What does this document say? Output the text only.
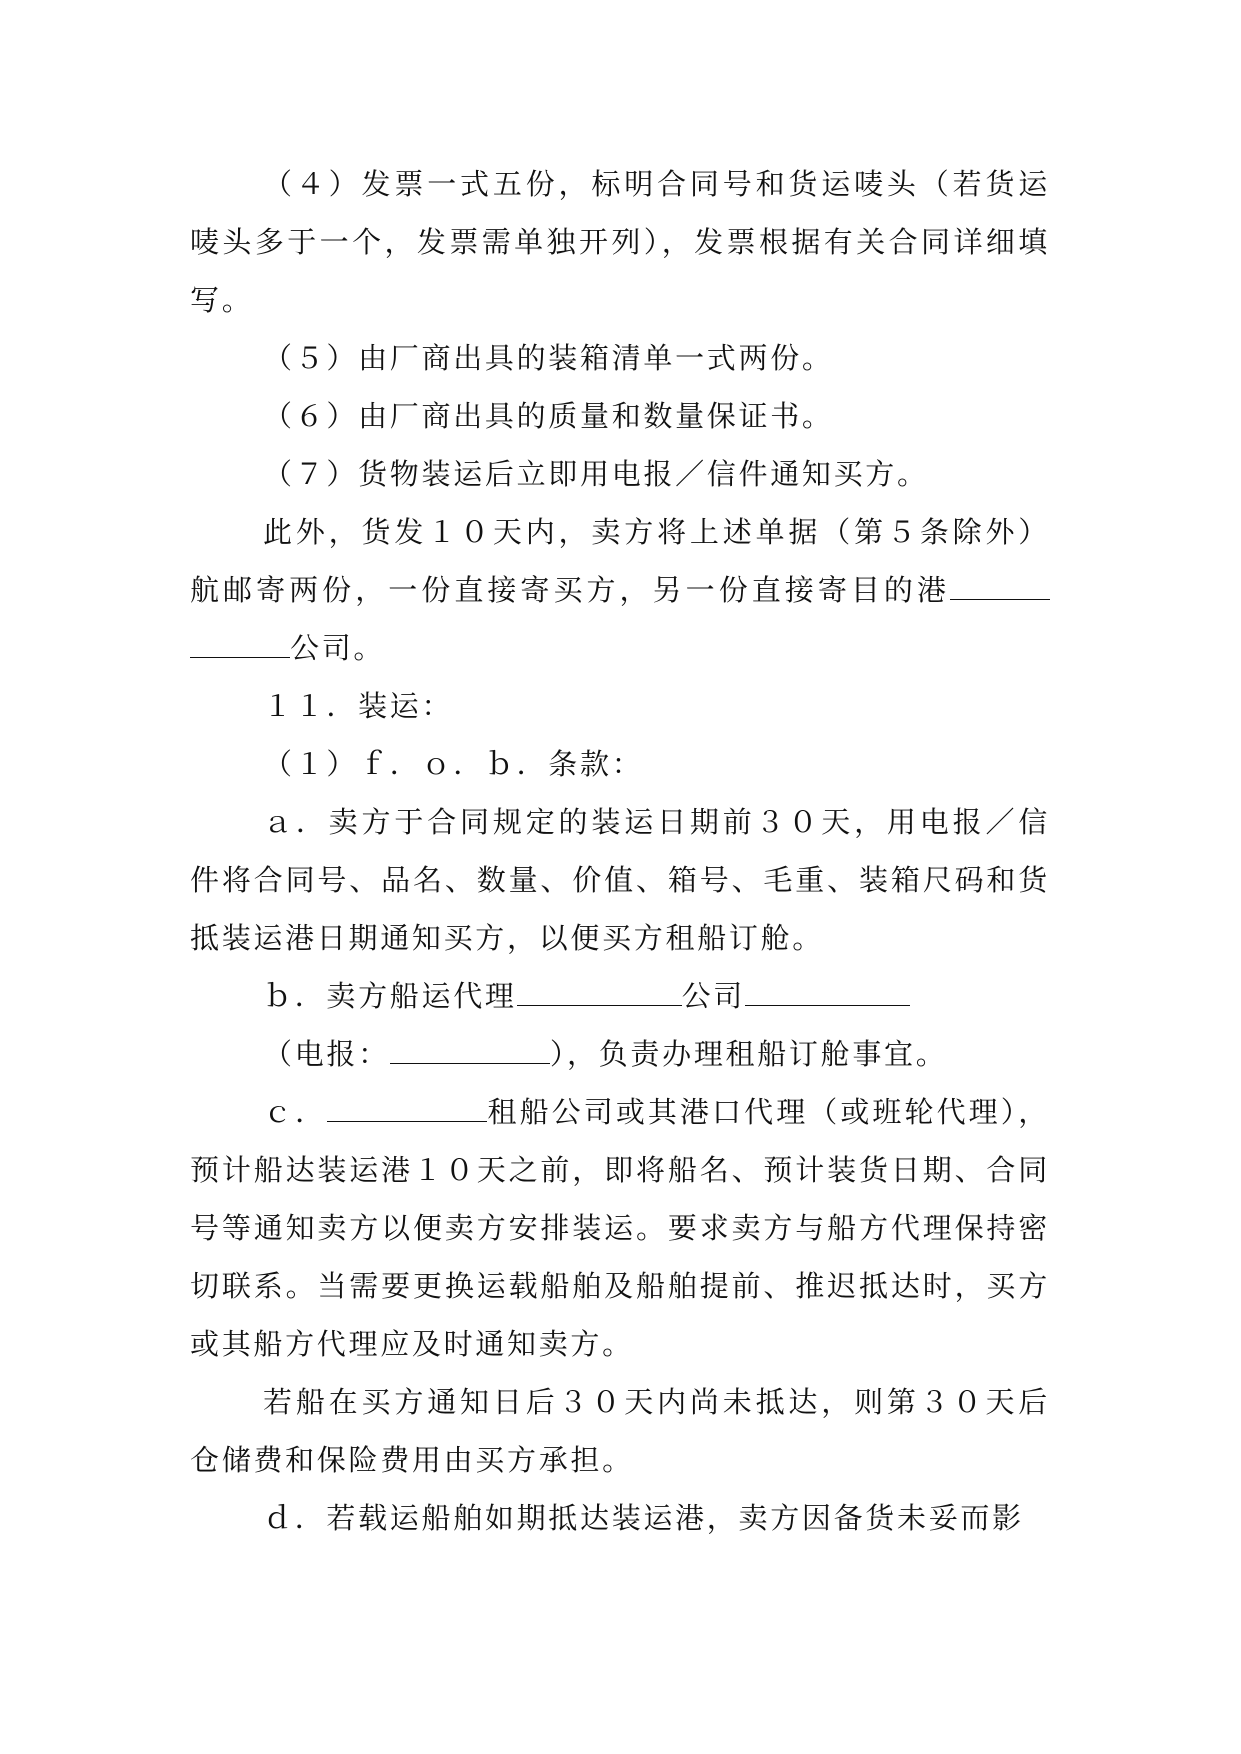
（４）发票一式五份，标明合同号和货运唛头（若货运唛头多于一个，发票需单独开列），发票根据有关合同详细填写。

（５）由厂商出具的装箱清单一式两份。

（６）由厂商出具的质量和数量保证书。

（７）货物装运后立即用电报／信件通知买方。

此外，货发１０天内，卖方将上述单据（第５条除外）航邮寄两份，一份直接寄买方，另一份直接寄目的港公司。

１１．装运：

（１）ｆ．ｏ．ｂ．条款：

ａ．卖方于合同规定的装运日期前３０天，用电报／信件将合同号、品名、数量、价值、箱号、毛重、装箱尺码和货抵装运港日期通知买方，以便买方租船订舱。

ｂ．卖方船运代理	公司

（电报：	），负责办理租船订舱事宜。

ｃ．	租船公司或其港口代理（或班轮代理），预计船达装运港１０天之前，即将船名、预计装货日期、合同号等通知卖方以便卖方安排装运。要求卖方与船方代理保持密切联系。当需要更换运载船舶及船舶提前、推迟抵达时，买方或其船方代理应及时通知卖方。

若船在买方通知日后３０天内尚未抵达，则第３０天后仓储费和保险费用由买方承担。

ｄ．若载运船舶如期抵达装运港，卖方因备货未妥而影
